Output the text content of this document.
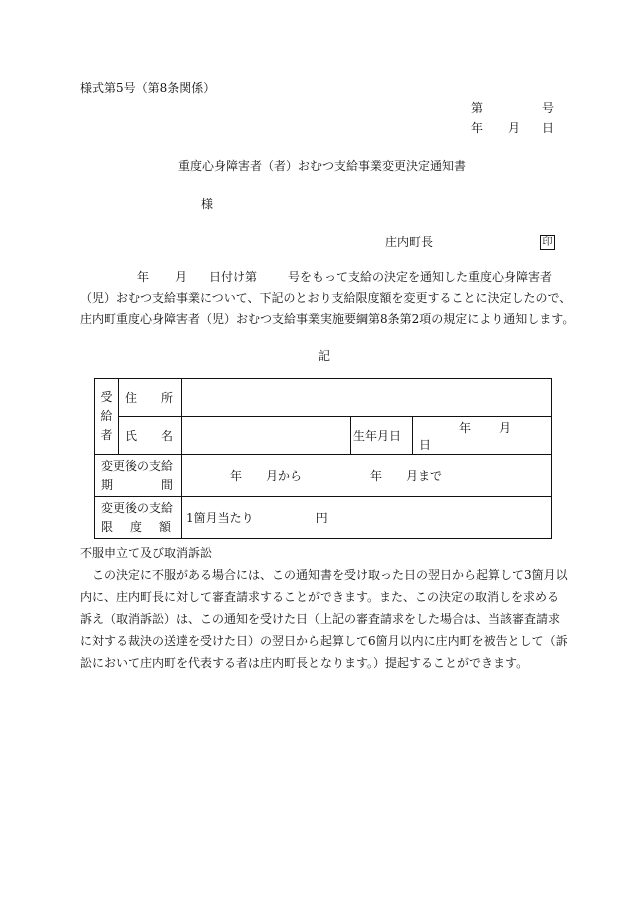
様式第5号（第8条関係）
第	号
年 月 日
重度心身障害者（者）おむつ支給事業変更決定通知書
様
庄内町長	印
年 月 日付け第	号をもって支給の決定を通知した重度心身障害者
（児）おむつ支給事業について、下記のとおり支給限度額を変更することに決定したので、
庄内町重度心身障害者（児）おむつ支給事業実施要綱第8条第2項の規定により通知します。
記
受
給
者	住 所			
	氏 名		生年月日	年 月日

変更後の支給
期 間		年 月から 年 月まで		

変更後の支給
限 度 額		1箇月当たり 円		
不服申立て及び取消訴訟
この決定に不服がある場合には、この通知書を受け取った日の翌日から起算して3箇月以
内に、庄内町長に対して審査請求することができます。また、この決定の取消しを求める
訴え（取消訴訟）は、この通知を受けた日（上記の審査請求をした場合は、当該審査請求
に対する裁決の送達を受けた日）の翌日から起算して6箇月以内に庄内町を被告として（訴
訟において庄内町を代表する者は庄内町長となります。）提起することができます。
